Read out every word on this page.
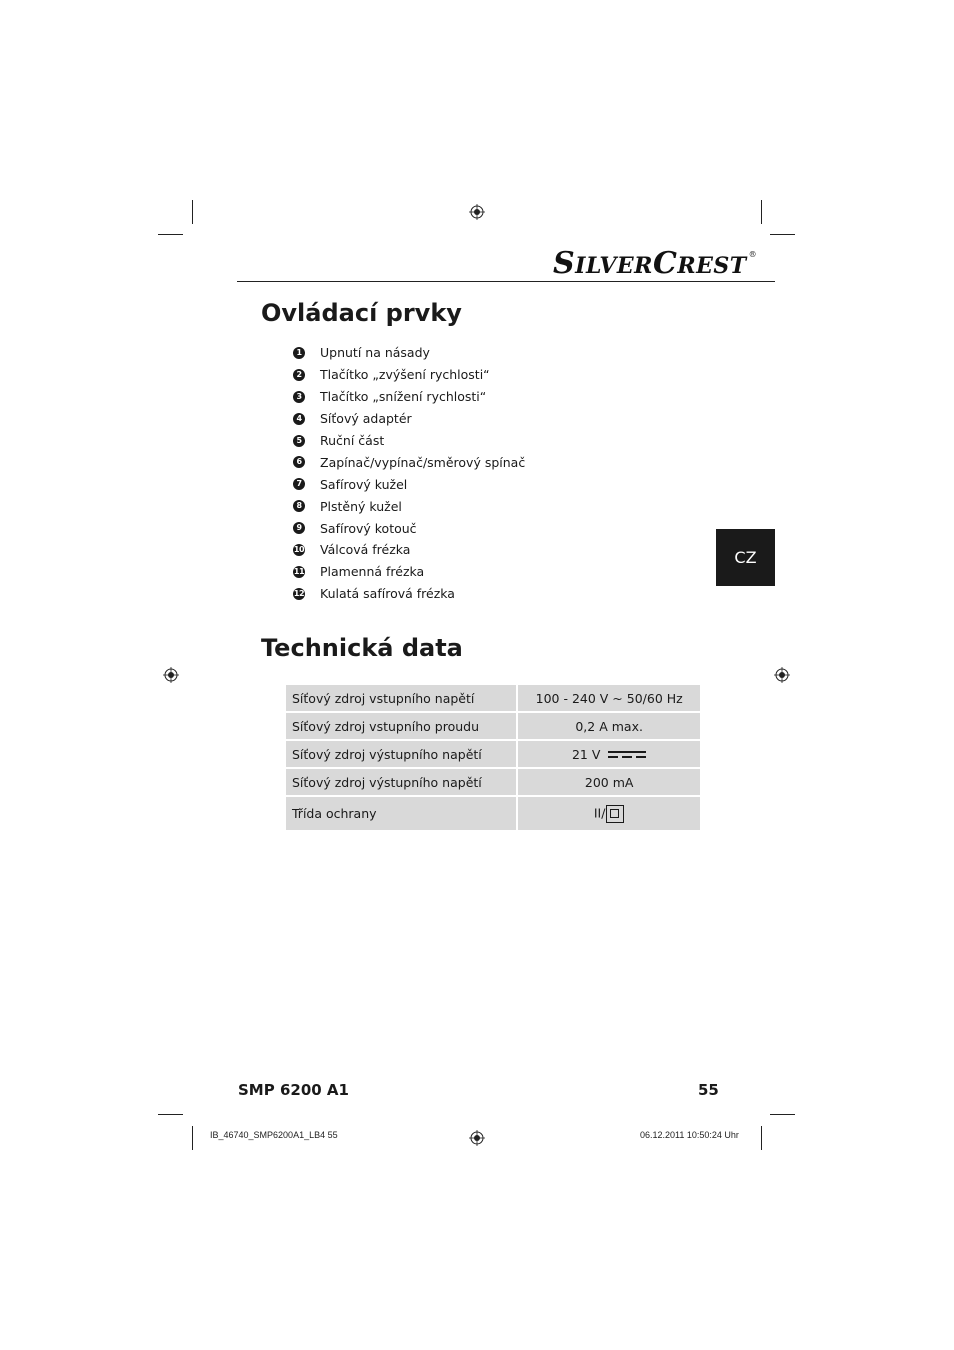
SILVERCREST ®
Ovládací prvky
1 Upnutí na násady
2 Tlačítko „zvýšení rychlosti“
3 Tlačítko „snížení rychlosti“
4 Síťový adaptér
5 Ruční část
6 Zapínač/vypínač/směrový spínač
7 Safírový kužel
8 Plstěný kužel
9 Safírový kotouč
10 Válcová frézka
11 Plamenná frézka
12 Kulatá safírová frézka
CZ
Technická data
Síťový zdroj vstupního napětí	100 - 240 V ~ 50/60 Hz
Síťový zdroj vstupního proudu	0,2 A max.
Síťový zdroj výstupního napětí	21 V

Síťový zdroj výstupního napětí	200 mA
Třída ochrany	II/
SMP 6200 A1	55
IB_46740_SMP6200A1_LB4 55	06.12.2011 10:50:24 Uhr
